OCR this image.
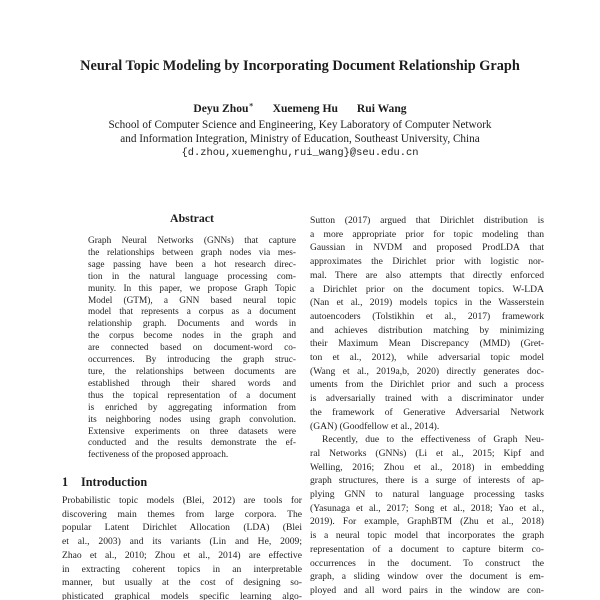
Neural Topic Modeling by Incorporating Document Relationship Graph
Deyu Zhou∗ Xuemeng Hu Rui Wang
School of Computer Science and Engineering, Key Laboratory of Computer Network
and Information Integration, Ministry of Education, Southeast University, China
{d.zhou,xuemenghu,rui_wang}@seu.edu.cn
Abstract
Graph Neural Networks (GNNs) that capture
the relationships between graph nodes via mes-
sage passing have been a hot research direc-
tion in the natural language processing com-
munity. In this paper, we propose Graph Topic
Model (GTM), a GNN based neural topic
model that represents a corpus as a document
relationship graph. Documents and words in
the corpus become nodes in the graph and
are connected based on document-word co-
occurrences. By introducing the graph struc-
ture, the relationships between documents are
established through their shared words and
thus the topical representation of a document
is enriched by aggregating information from
its neighboring nodes using graph convolution.
Extensive experiments on three datasets were
conducted and the results demonstrate the ef-
fectiveness of the proposed approach.
1 Introduction
Probabilistic topic models (Blei, 2012) are tools for
discovering main themes from large corpora. The
popular Latent Dirichlet Allocation (LDA) (Blei
et al., 2003) and its variants (Lin and He, 2009;
Zhao et al., 2010; Zhou et al., 2014) are effective
in extracting coherent topics in an interpretable
manner, but usually at the cost of designing so-
phisticated graphical models specific learning algo-
Sutton (2017) argued that Dirichlet distribution is
a more appropriate prior for topic modeling than
Gaussian in NVDM and proposed ProdLDA that
approximates the Dirichlet prior with logistic nor-
mal. There are also attempts that directly enforced
a Dirichlet prior on the document topics. W-LDA
(Nan et al., 2019) models topics in the Wasserstein
autoencoders (Tolstikhin et al., 2017) framework
and achieves distribution matching by minimizing
their Maximum Mean Discrepancy (MMD) (Gret-
ton et al., 2012), while adversarial topic model
(Wang et al., 2019a,b, 2020) directly generates doc-
uments from the Dirichlet prior and such a process
is adversarially trained with a discriminator under
the framework of Generative Adversarial Network
(GAN) (Goodfellow et al., 2014).
Recently, due to the effectiveness of Graph Neu-
ral Networks (GNNs) (Li et al., 2015; Kipf and
Welling, 2016; Zhou et al., 2018) in embedding
graph structures, there is a surge of interests of ap-
plying GNN to natural language processing tasks
(Yasunaga et al., 2017; Song et al., 2018; Yao et al.,
2019). For example, GraphBTM (Zhu et al., 2018)
is a neural topic model that incorporates the graph
representation of a document to capture biterm co-
occurrences in the document. To construct the
graph, a sliding window over the document is em-
ployed and all word pairs in the window are con-
